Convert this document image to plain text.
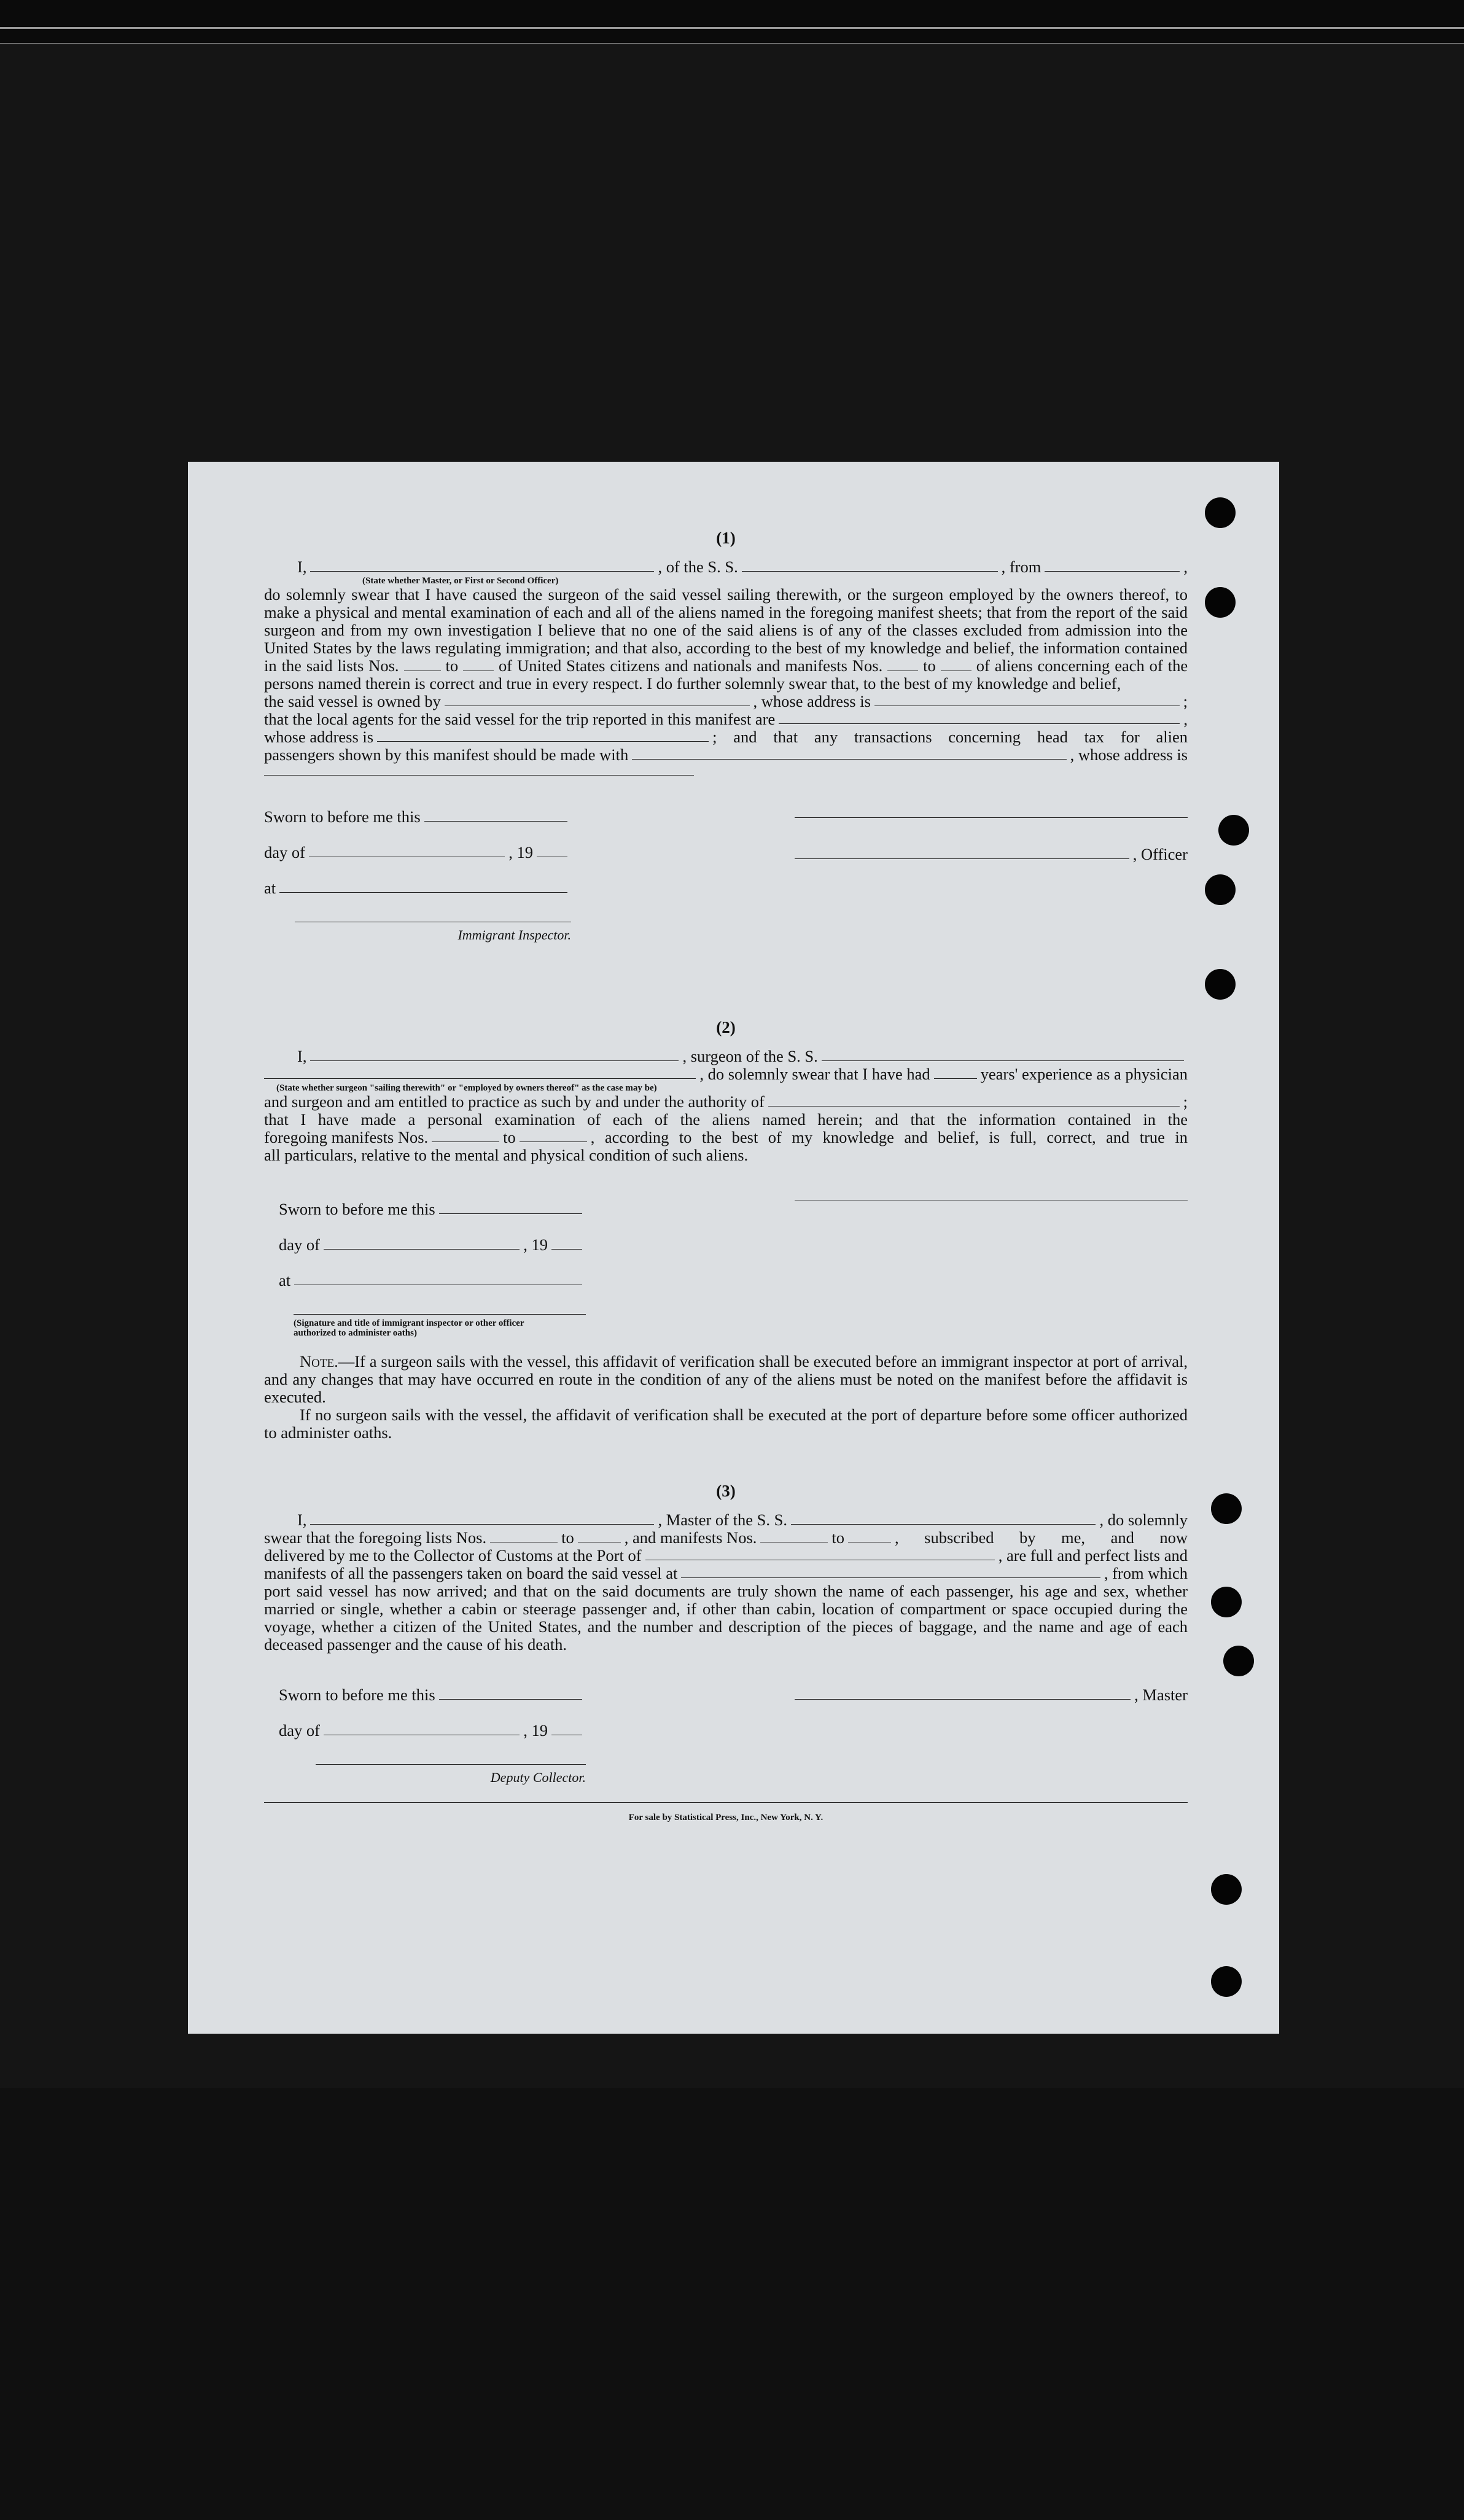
(1)
I,	, of the S. S.	, from	,
(State whether Master, or First or Second Officer)

do solemnly swear that I have caused the surgeon of the said vessel sailing therewith, or the surgeon employed by the owners thereof, to make a physical and mental examination of each and all of the aliens named in the foregoing manifest sheets; that from the report of the said surgeon and from my own investigation I believe that no one of the said aliens is of any of the classes excluded from admission into the United States by the laws regulating immigration; and that also, according to the best of my knowledge and belief, the information contained in the said lists Nos.	to of United States citizens and nationals and manifests Nos. to of aliens concerning each of the persons named therein is correct and true in every respect. I do further solemnly swear that, to the best of my knowledge and belief,

the said vessel is owned by	, whose address is	;
that the local agents for the said vessel for the trip reported in this manifest are	,
whose address is	; and that any transactions concerning head tax for alien
passengers shown by this manifest should be made with	, whose address is
Sworn to before me this
day of	, 19
at
Immigrant Inspector.
, Officer
(2)
I,	, surgeon of the S. S.
, do solemnly swear that I have had	years' experience as a physician
(State whether surgeon "sailing therewith" or "employed by owners thereof" as the case may be)
and surgeon and am entitled to practice as such by and under the authority of	;

that I have made a personal examination of each of the aliens named herein; and that the information contained in the

foregoing manifests Nos.	to	, according to the best of my knowledge and belief, is full, correct, and true in

all particulars, relative to the mental and physical condition of such aliens.

Sworn to before me this
day of	, 19
at
(Signature and title of immigrant inspector or other officer authorized to administer oaths)

Note.—If a surgeon sails with the vessel, this affidavit of verification shall be executed before an immigrant inspector at port of arrival, and any changes that may have occurred en route in the condition of any of the aliens must be noted on the manifest before the affidavit is executed.

If no surgeon sails with the vessel, the affidavit of verification shall be executed at the port of departure before some officer authorized to administer oaths.

(3)
I,	, Master of the S. S.	, do solemnly
swear that the foregoing lists Nos.	to	, and manifests Nos.	to	, subscribed by me, and now
delivered by me to the Collector of Customs at the Port of	, are full and perfect lists and
manifests of all the passengers taken on board the said vessel at	, from which

port said vessel has now arrived; and that on the said documents are truly shown the name of each passenger, his age and sex, whether married or single, whether a cabin or steerage passenger and, if other than cabin, location of compartment or space occupied during the voyage, whether a citizen of the United States, and the number and description of the pieces of baggage, and the name and age of each deceased passenger and the cause of his death.

Sworn to before me this
day of	, 19
Deputy Collector.
, Master
For sale by Statistical Press, Inc., New York, N. Y.
